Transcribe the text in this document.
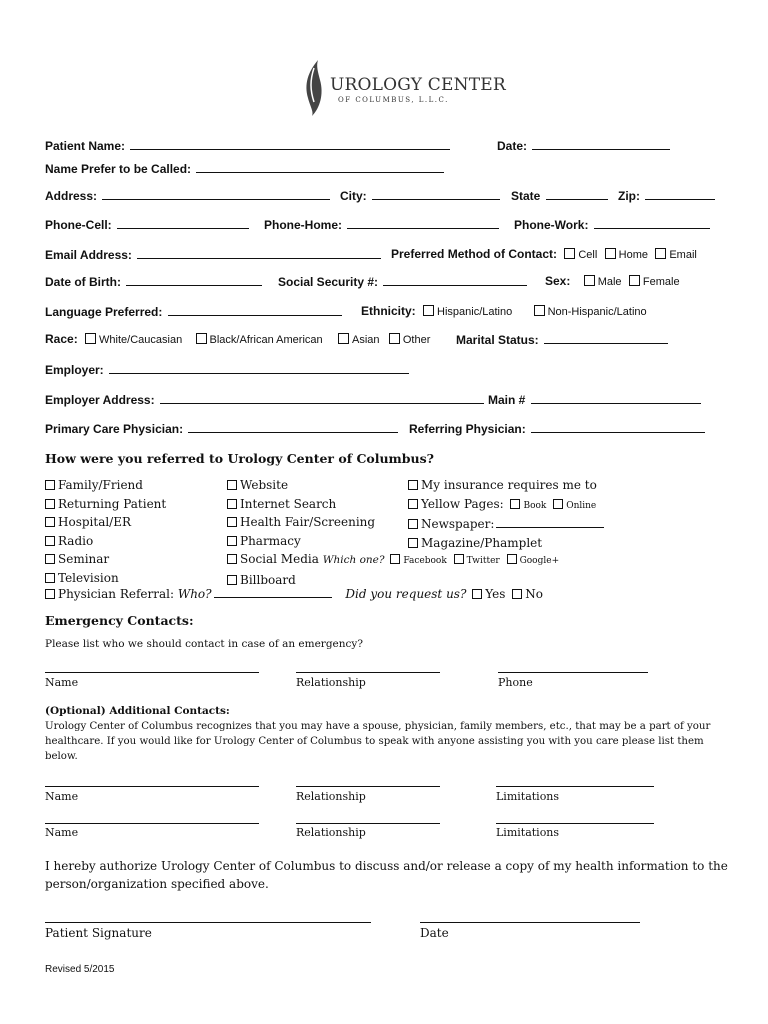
UROLOGY CENTER
OF COLUMBUS, L.L.C.
Patient Name:	Date:
Name Prefer to be Called:
Address:	City:	State	Zip:
Phone-Cell:	Phone-Home:	Phone-Work:
Email Address:	Preferred Method of Contact: Cell Home Email
Date of Birth:	Social Security #:	Sex: Male Female
Language Preferred:	Ethnicity: Hispanic/Latino	Non-Hispanic/Latino
Race: White/Caucasian Black/African American	Asian Other Marital Status:
Employer:
Employer Address:	Main #
Primary Care Physician:	Referring Physician:
How were you referred to Urology Center of Columbus?
Family/Friend
Returning Patient
Hospital/ER
Radio
Seminar
Television
Website
Internet Search
Health Fair/Screening
Pharmacy
Social Media Which one? Facebook Twitter Google+
Billboard
My insurance requires me to
Yellow Pages: Book Online
Newspaper:
Magazine/Phamplet
Physician Referral: Who?	Did you request us? Yes No
Emergency Contacts:
Please list who we should contact in case of an emergency?
Name	Relationship	Phone
(Optional) Additional Contacts:
Urology Center of Columbus recognizes that you may have a spouse, physician, family members, etc., that may be a part of your
healthcare. If you would like for Urology Center of Columbus to speak with anyone assisting you with you care please list them
below.
Name	Relationship	Limitations
Name	Relationship	Limitations
I hereby authorize Urology Center of Columbus to discuss and/or release a copy of my health information to the
person/organization specified above.
Patient Signature	Date
Revised 5/2015
